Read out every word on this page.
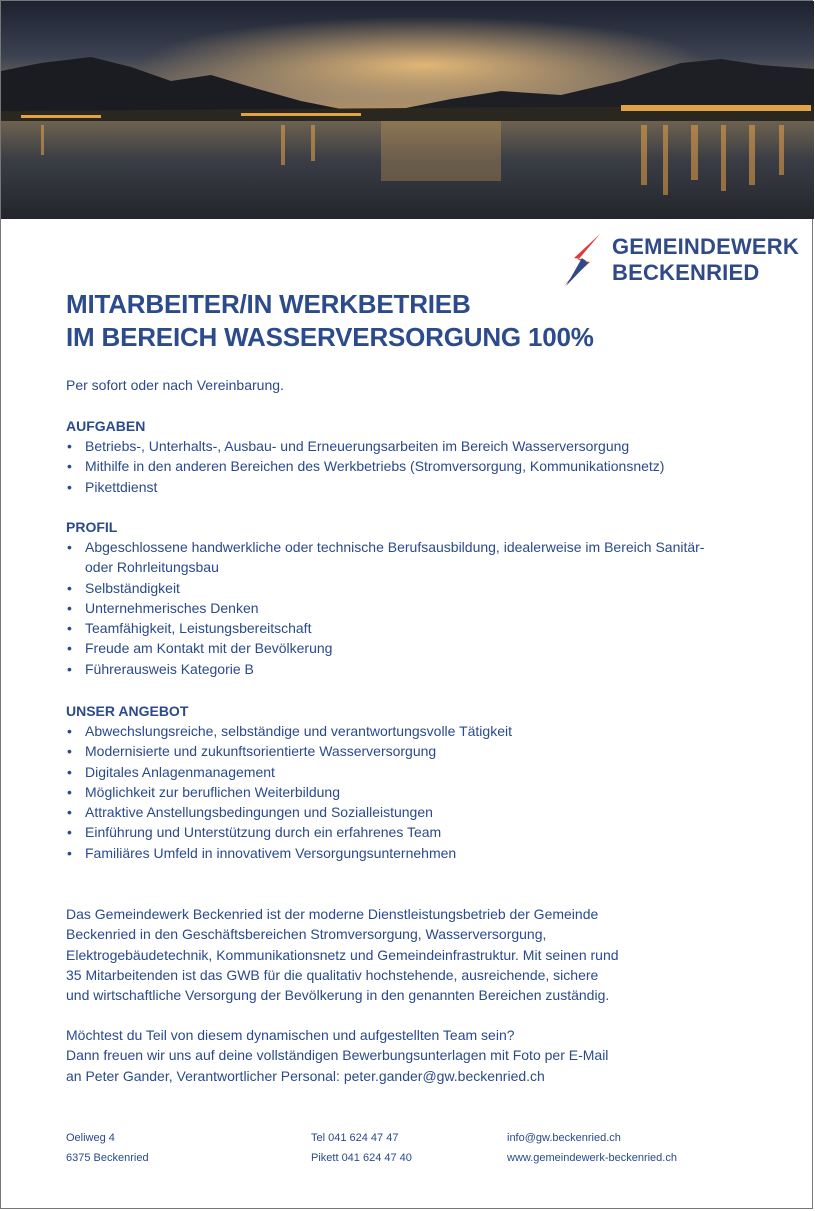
GEMEINDEWERK
BECKENRIED
MITARBEITER/IN WERKBETRIEB
IM BEREICH WASSERVERSORGUNG 100%
Per sofort oder nach Vereinbarung.
AUFGABEN
• Betriebs-, Unterhalts-, Ausbau- und Erneuerungsarbeiten im Bereich Wasserversorgung
• Mithilfe in den anderen Bereichen des Werkbetriebs (Stromversorgung, Kommunikationsnetz)
• Pikettdienst
PROFIL
• Abgeschlossene handwerkliche oder technische Berufsausbildung, idealerweise im Bereich Sanitär-
oder Rohrleitungsbau
• Selbständigkeit
• Unternehmerisches Denken
• Teamfähigkeit, Leistungsbereitschaft
• Freude am Kontakt mit der Bevölkerung
• Führerausweis Kategorie B
UNSER ANGEBOT
• Abwechslungsreiche, selbständige und verantwortungsvolle Tätigkeit
• Modernisierte und zukunftsorientierte Wasserversorgung
• Digitales Anlagenmanagement
• Möglichkeit zur beruflichen Weiterbildung
• Attraktive Anstellungsbedingungen und Sozialleistungen
• Einführung und Unterstützung durch ein erfahrenes Team
• Familiäres Umfeld in innovativem Versorgungsunternehmen
Das Gemeindewerk Beckenried ist der moderne Dienstleistungsbetrieb der Gemeinde
Beckenried in den Geschäftsbereichen Stromversorgung, Wasserversorgung,
Elektrogebäudetechnik, Kommunikationsnetz und Gemeindeinfrastruktur. Mit seinen rund
35 Mitarbeitenden ist das GWB für die qualitativ hochstehende, ausreichende, sichere
und wirtschaftliche Versorgung der Bevölkerung in den genannten Bereichen zuständig.
Möchtest du Teil von diesem dynamischen und aufgestellten Team sein?
Dann freuen wir uns auf deine vollständigen Bewerbungsunterlagen mit Foto per E-Mail
an Peter Gander, Verantwortlicher Personal: peter.gander@gw.beckenried.ch
Oeliweg 4
6375 Beckenried
Tel 041 624 47 47
Pikett 041 624 47 40
info@gw.beckenried.ch
www.gemeindewerk-beckenried.ch
